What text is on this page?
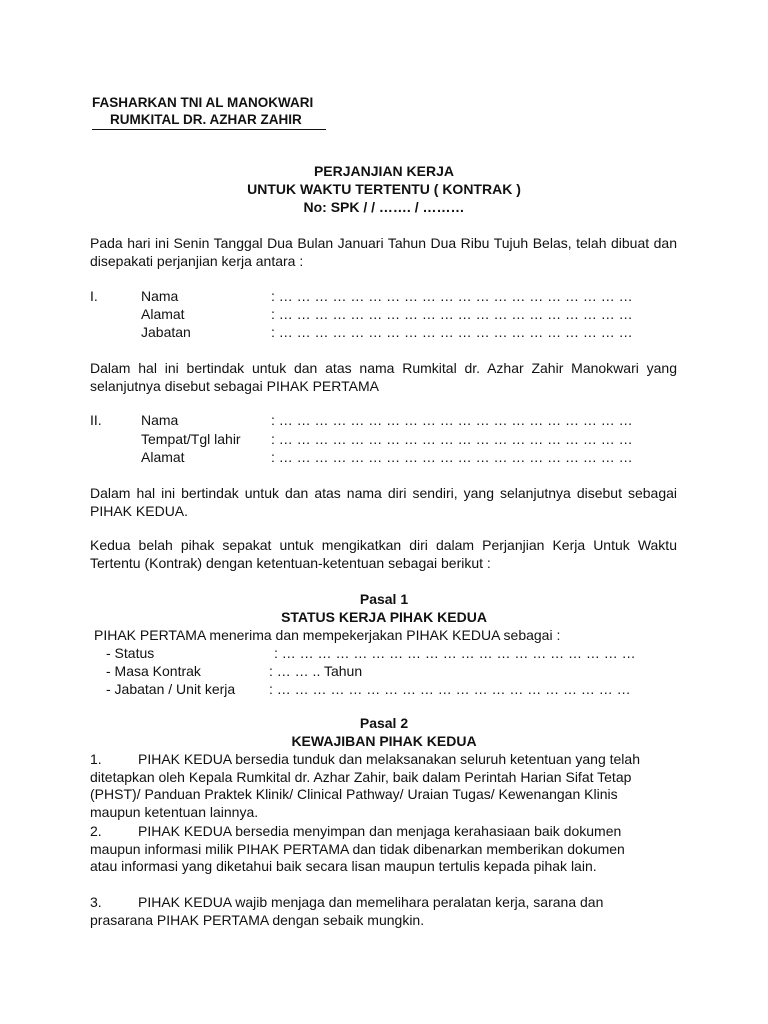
FASHARKAN TNI AL MANOKWARI
RUMKITAL DR. AZHAR ZAHIR
PERJANJIAN KERJA
UNTUK WAKTU TERTENTU ( KONTRAK )
No: SPK / / ……. / ………
Pada hari ini Senin Tanggal Dua Bulan Januari Tahun Dua Ribu Tujuh Belas, telah dibuat dan disepakati perjanjian kerja antara :
I.	Nama	: … … … … … … … … … … … … … … … … … … … …
Alamat	: … … … … … … … … … … … … … … … … … … … …
Jabatan	: … … … … … … … … … … … … … … … … … … … …
Dalam hal ini bertindak untuk dan atas nama Rumkital dr. Azhar Zahir Manokwari yang selanjutnya disebut sebagai PIHAK PERTAMA
II.	Nama	: … … … … … … … … … … … … … … … … … … … …
Tempat/Tgl lahir : … … … … … … … … … … … … … … … … … … … …
Alamat	: … … … … … … … … … … … … … … … … … … … …
Dalam hal ini bertindak untuk dan atas nama diri sendiri, yang selanjutnya disebut sebagai PIHAK KEDUA.
Kedua belah pihak sepakat untuk mengikatkan diri dalam Perjanjian Kerja Untuk Waktu Tertentu (Kontrak) dengan ketentuan-ketentuan sebagai berikut :
Pasal 1
STATUS KERJA PIHAK KEDUA
PIHAK PERTAMA menerima dan mempekerjakan PIHAK KEDUA sebagai :
- Status	: … … … … … … … … … … … … … … … … … … … …
- Masa Kontrak	: … … .. Tahun
- Jabatan / Unit kerja : … … … … … … … … … … … … … … … … … … … …
Pasal 2
KEWAJIBAN PIHAK KEDUA
1.	PIHAK KEDUA bersedia tunduk dan melaksanakan seluruh ketentuan yang telah
ditetapkan oleh Kepala Rumkital dr. Azhar Zahir, baik dalam Perintah Harian Sifat Tetap
(PHST)/ Panduan Praktek Klinik/ Clinical Pathway/ Uraian Tugas/ Kewenangan Klinis
maupun ketentuan lainnya.
2.	PIHAK KEDUA bersedia menyimpan dan menjaga kerahasiaan baik dokumen
maupun informasi milik PIHAK PERTAMA dan tidak dibenarkan memberikan dokumen
atau informasi yang diketahui baik secara lisan maupun tertulis kepada pihak lain.
3.	PIHAK KEDUA wajib menjaga dan memelihara peralatan kerja, sarana dan
prasarana PIHAK PERTAMA dengan sebaik mungkin.
